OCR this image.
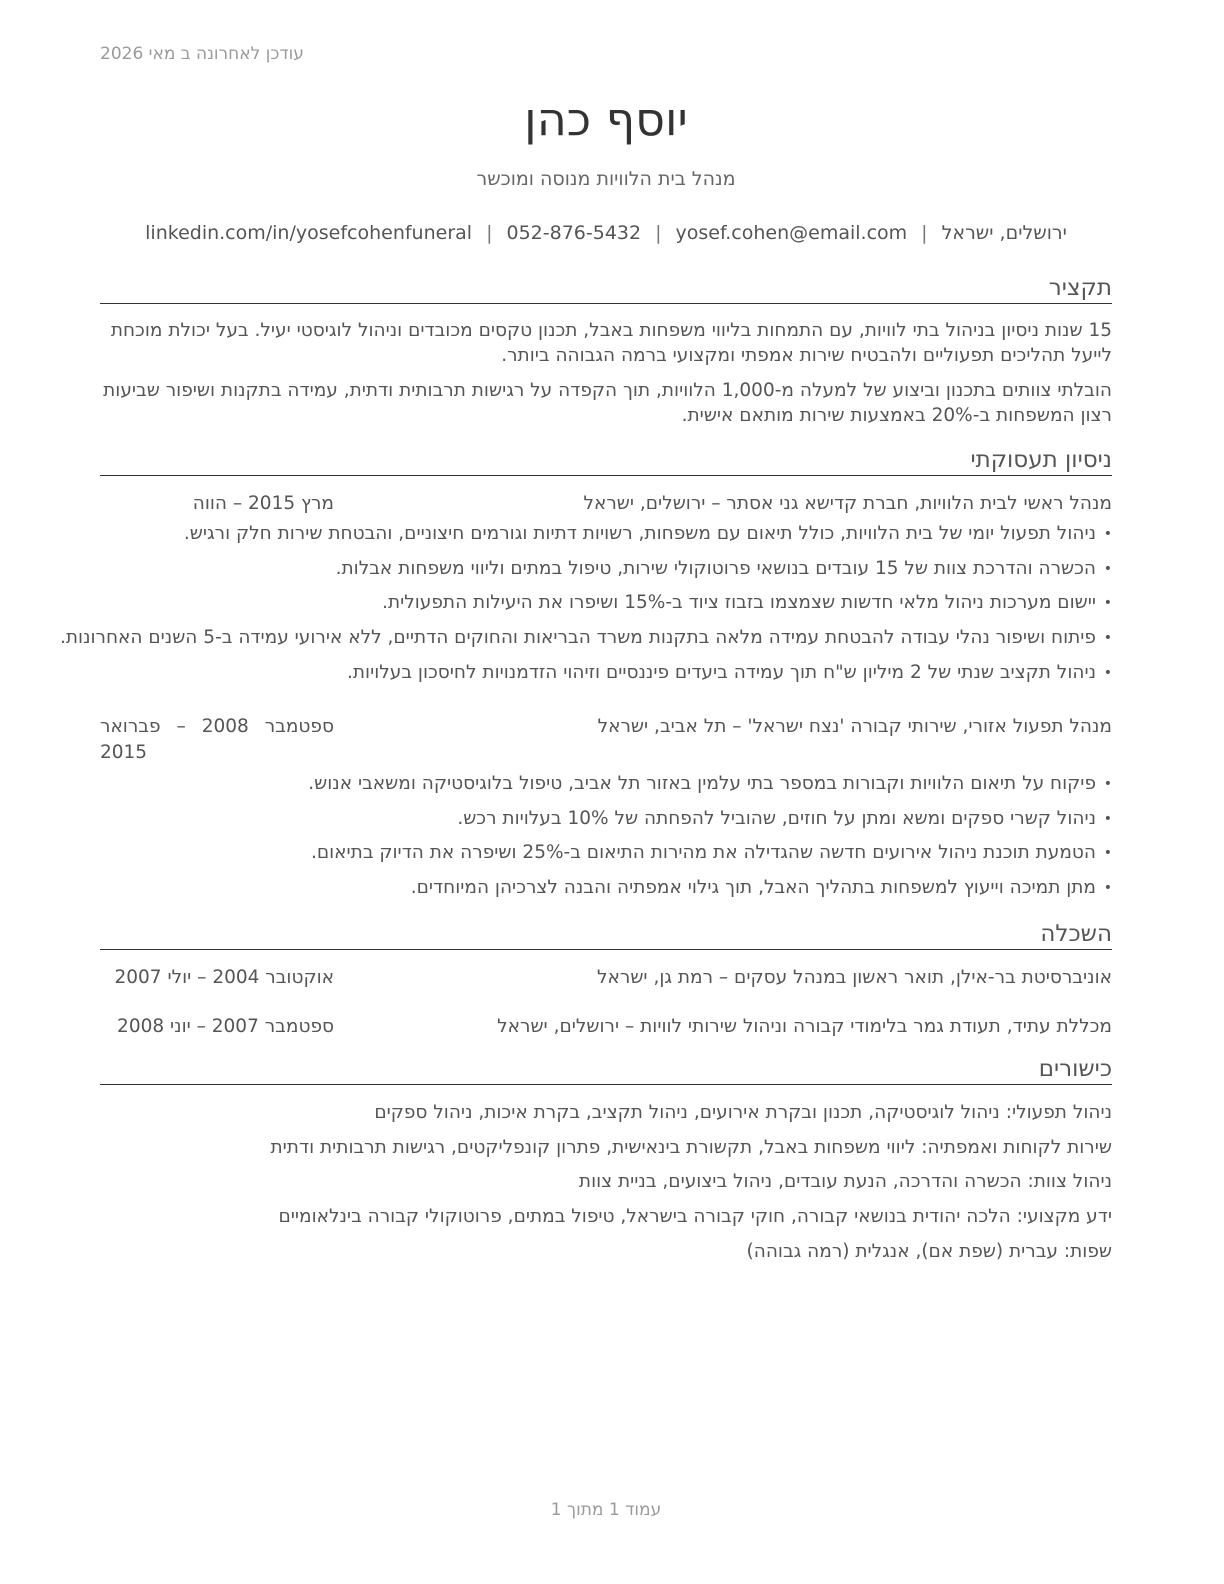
עודכן לאחרונה ב מאי 2026
יוסף כהן
מנהל בית הלוויות מנוסה ומוכשר
ירושלים, ישראל|yosef.cohen@email.com|052-876-5432|linkedin.com/in/yosefcohenfuneral
תקציר
15 שנות ניסיון בניהול בתי לוויות, עם התמחות בליווי משפחות באבל, תכנון טקסים מכובדים וניהול לוגיסטי יעיל. בעל יכולת מוכחת לייעל תהליכים תפעוליים ולהבטיח שירות אמפתי ומקצועי ברמה הגבוהה ביותר.
הובלתי צוותים בתכנון וביצוע של למעלה מ-1,000 הלוויות, תוך הקפדה על רגישות תרבותית ודתית, עמידה בתקנות ושיפור שביעות רצון המשפחות ב-20% באמצעות שירות מותאם אישית.
ניסיון תעסוקתי
מנהל ראשי לבית הלוויות, חברת קדישא גני אסתר – ירושלים, ישראל
מרץ 2015 – הווה
•
ניהול תפעול יומי של בית הלוויות, כולל תיאום עם משפחות, רשויות דתיות וגורמים חיצוניים, והבטחת שירות חלק ורגיש.
•
הכשרה והדרכת צוות של 15 עובדים בנושאי פרוטוקולי שירות, טיפול במתים וליווי משפחות אבלות.
•
יישום מערכות ניהול מלאי חדשות שצמצמו בזבוז ציוד ב-15% ושיפרו את היעילות התפעולית.
•
פיתוח ושיפור נהלי עבודה להבטחת עמידה מלאה בתקנות משרד הבריאות והחוקים הדתיים, ללא אירועי עמידה ב-5 השנים האחרונות.
•
ניהול תקציב שנתי של 2 מיליון ש"ח תוך עמידה ביעדים פיננסיים וזיהוי הזדמנויות לחיסכון בעלויות.
מנהל תפעול אזורי, שירותי קבורה 'נצח ישראל' – תל אביב, ישראל
ספטמבר 2008 – פברואר 2015
•
פיקוח על תיאום הלוויות וקבורות במספר בתי עלמין באזור תל אביב, טיפול בלוגיסטיקה ומשאבי אנוש.
•
ניהול קשרי ספקים ומשא ומתן על חוזים, שהוביל להפחתה של 10% בעלויות רכש.
•
הטמעת תוכנת ניהול אירועים חדשה שהגדילה את מהירות התיאום ב-25% ושיפרה את הדיוק בתיאום.
•
מתן תמיכה וייעוץ למשפחות בתהליך האבל, תוך גילוי אמפתיה והבנה לצרכיהן המיוחדים.
השכלה
אוניברסיטת בר-אילן, תואר ראשון במנהל עסקים – רמת גן, ישראל
אוקטובר 2004 – יולי 2007
מכללת עתיד, תעודת גמר בלימודי קבורה וניהול שירותי לוויות – ירושלים, ישראל
ספטמבר 2007 – יוני 2008
כישורים
ניהול תפעולי: ניהול לוגיסטיקה, תכנון ובקרת אירועים, ניהול תקציב, בקרת איכות, ניהול ספקים
שירות לקוחות ואמפתיה: ליווי משפחות באבל, תקשורת בינאישית, פתרון קונפליקטים, רגישות תרבותית ודתית
ניהול צוות: הכשרה והדרכה, הנעת עובדים, ניהול ביצועים, בניית צוות
ידע מקצועי: הלכה יהודית בנושאי קבורה, חוקי קבורה בישראל, טיפול במתים, פרוטוקולי קבורה בינלאומיים
שפות: עברית (שפת אם), אנגלית (רמה גבוהה)
עמוד 1 מתוך 1
